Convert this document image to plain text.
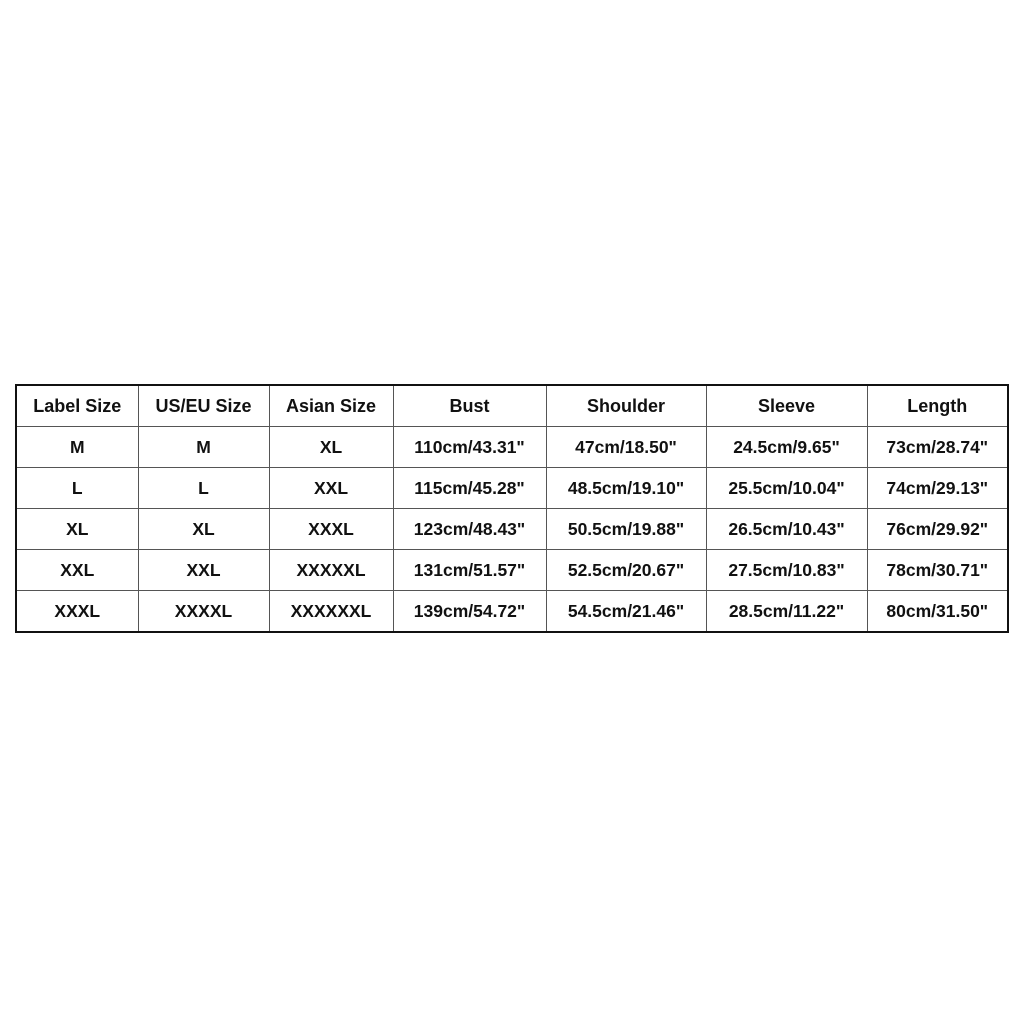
Label Size	US/EU Size	Asian Size	Bust	Shoulder	Sleeve	Length
M	M	XL	110cm/43.31"	47cm/18.50"	24.5cm/9.65"	73cm/28.74"
L	L	XXL	115cm/45.28"	48.5cm/19.10"	25.5cm/10.04"	74cm/29.13"
XL	XL	XXXL	123cm/48.43"	50.5cm/19.88"	26.5cm/10.43"	76cm/29.92"
XXL	XXL	XXXXXL	131cm/51.57"	52.5cm/20.67"	27.5cm/10.83"	78cm/30.71"
XXXL	XXXXL	XXXXXXL	139cm/54.72"	54.5cm/21.46"	28.5cm/11.22"	80cm/31.50"
